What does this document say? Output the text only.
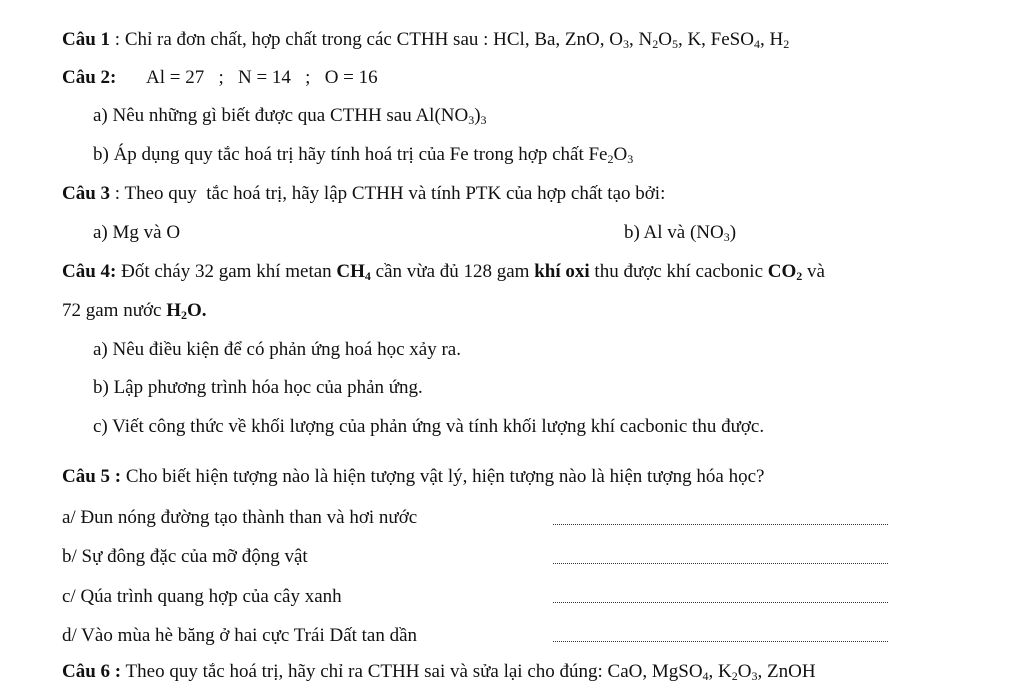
Câu 1 : Chỉ ra đơn chất, hợp chất trong các CTHH sau : HCl, Ba, ZnO, $O_3$, $N_2O_5$, K, FeSO$_4$, $H_2$
Câu 2: Al = 27   ;   N = 14   ;   O = 16
a) Nêu những gì biết được qua CTHH sau $Al(NO_3)_3$
b) Áp dụng quy tắc hoá trị hãy tính hoá trị của Fe trong hợp chất $Fe_2O_3$
Câu 3 : Theo quy  tắc hoá trị, hãy lập CTHH và tính PTK của hợp chất tạo bởi:
a) Mg và O	b) Al và $(NO_3)$
Câu 4: Đốt cháy 32 gam khí metan $CH_4$ cần vừa đủ 128 gam khí oxi thu được khí cacbonic $CO_2$ và
72 gam nước $H_2O$.
a) Nêu điều kiện để có phản ứng hoá học xảy ra.
b) Lập phương trình hóa học của phản ứng.
c) Viết công thức về khối lượng của phản ứng và tính khối lượng khí cacbonic thu được.
Câu 5 : Cho biết hiện tượng nào là hiện tượng vật lý, hiện tượng nào là hiện tượng hóa học?
a/ Đun nóng đường tạo thành than và hơi nước
b/ Sự đông đặc của mỡ động vật
c/ Qúa trình quang hợp của cây xanh
d/ Vào mùa hè băng ở hai cực Trái Dất tan dần
Câu 6 : Theo quy tắc hoá trị, hãy chỉ ra CTHH sai và sửa lại cho đúng: CaO, MgSO$_4$, $K_2O_3$, ZnOH
